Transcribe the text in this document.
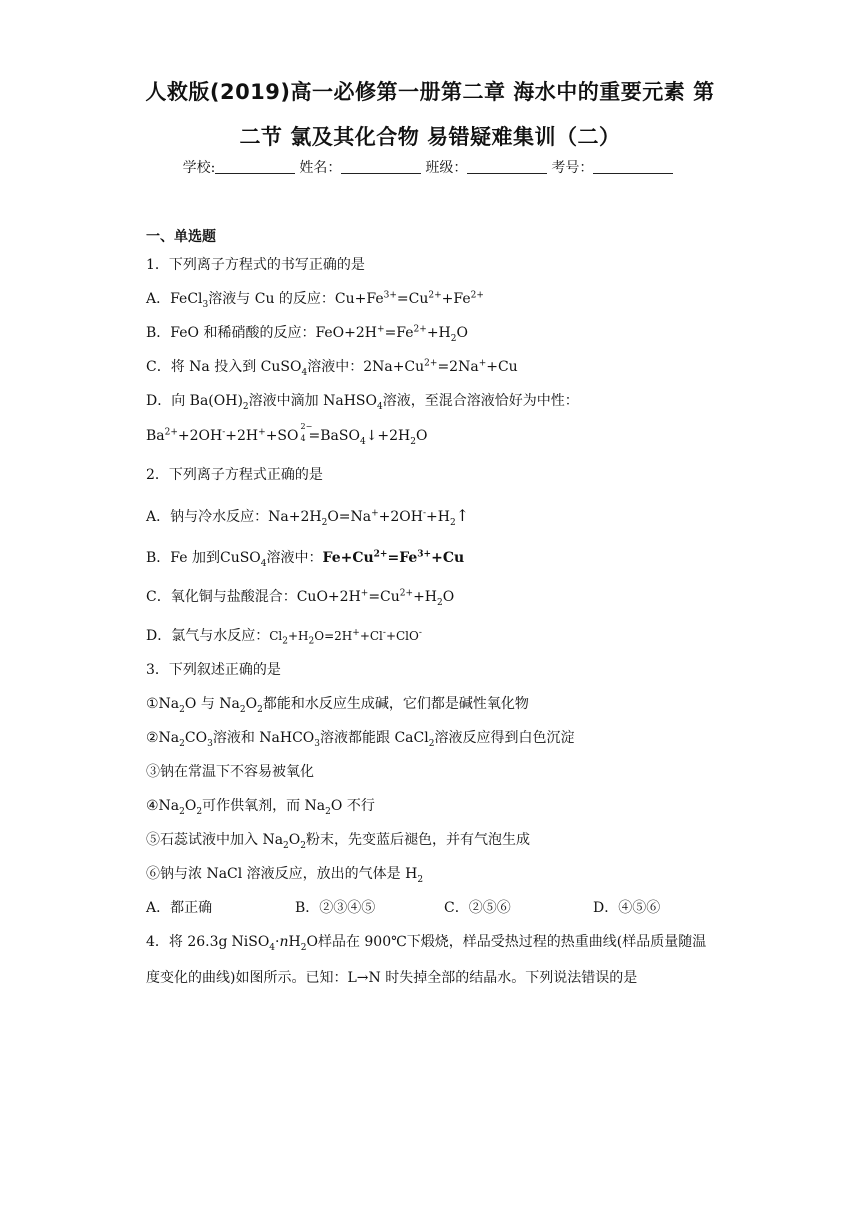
人救版(2019)高一必修第一册第二章 海水中的重要元素 第
二节 氯及其化合物 易错疑难集训（二）
学校:	姓名：	班级：	考号：
一、单选题
1．下列离子方程式的书写正确的是
A．FeCl$_3$溶液与 Cu 的反应：$Cu+Fe^{3+}=Cu^{2+}+Fe^{2+}$
B．FeO 和稀硝酸的反应：$FeO+2H^+=Fe^{2+}+H_2O$
C．将 Na 投入到 CuSO$_4$溶液中：$2Na+Cu^{2+}=2Na^++Cu$
D．向 $Ba(OH)_2$溶液中滴加 NaHSO$_4$溶液，至混合溶液恰好为中性：
$Ba^{2+}+2OH^-+2H^++SO$
2−
$4 =BaSO_4↓+2H_2O$
2．下列离子方程式正确的是
A．钠与冷水反应：$Na+2H_2O=Na^++2OH^-+H_2↑$
B．Fe 加到CuSO$_4$溶液中：$Fe+Cu^{2+}=Fe^{3+}+Cu$
C．氧化铜与盐酸混合：$CuO+2H^+=Cu^{2+}+H_2O$
D．氯气与水反应：$Cl_2+H_2O=2H^++Cl^-+ClO^-$
3．下列叙述正确的是
$①Na_2O$ 与 $Na_2O_2$都能和水反应生成碱，它们都是碱性氧化物
$②Na_2CO_3$溶液和 NaHCO$_3$溶液都能跟 CaCl$_2$溶液反应得到白色沉淀
③钠在常温下不容易被氧化
$④Na_2O_2$可作供氧剂，而 $Na_2O$ 不行
⑤石蕊试液中加入 $Na_2O_2$粉末，先变蓝后褪色，并有气泡生成
⑥钠与浓 NaCl 溶液反应，放出的气体是 $H_2$
A．都正确	B．②③④⑤	C．②⑤⑥	D．④⑤⑥
4．将 26.3g $NiSO_4\cdot nH_2O$样品在 900℃下煅烧，样品受热过程的热重曲线(样品质量随温
度变化的曲线)如图所示。已知：L→N 时失掉全部的结晶水。下列说法错误的是
